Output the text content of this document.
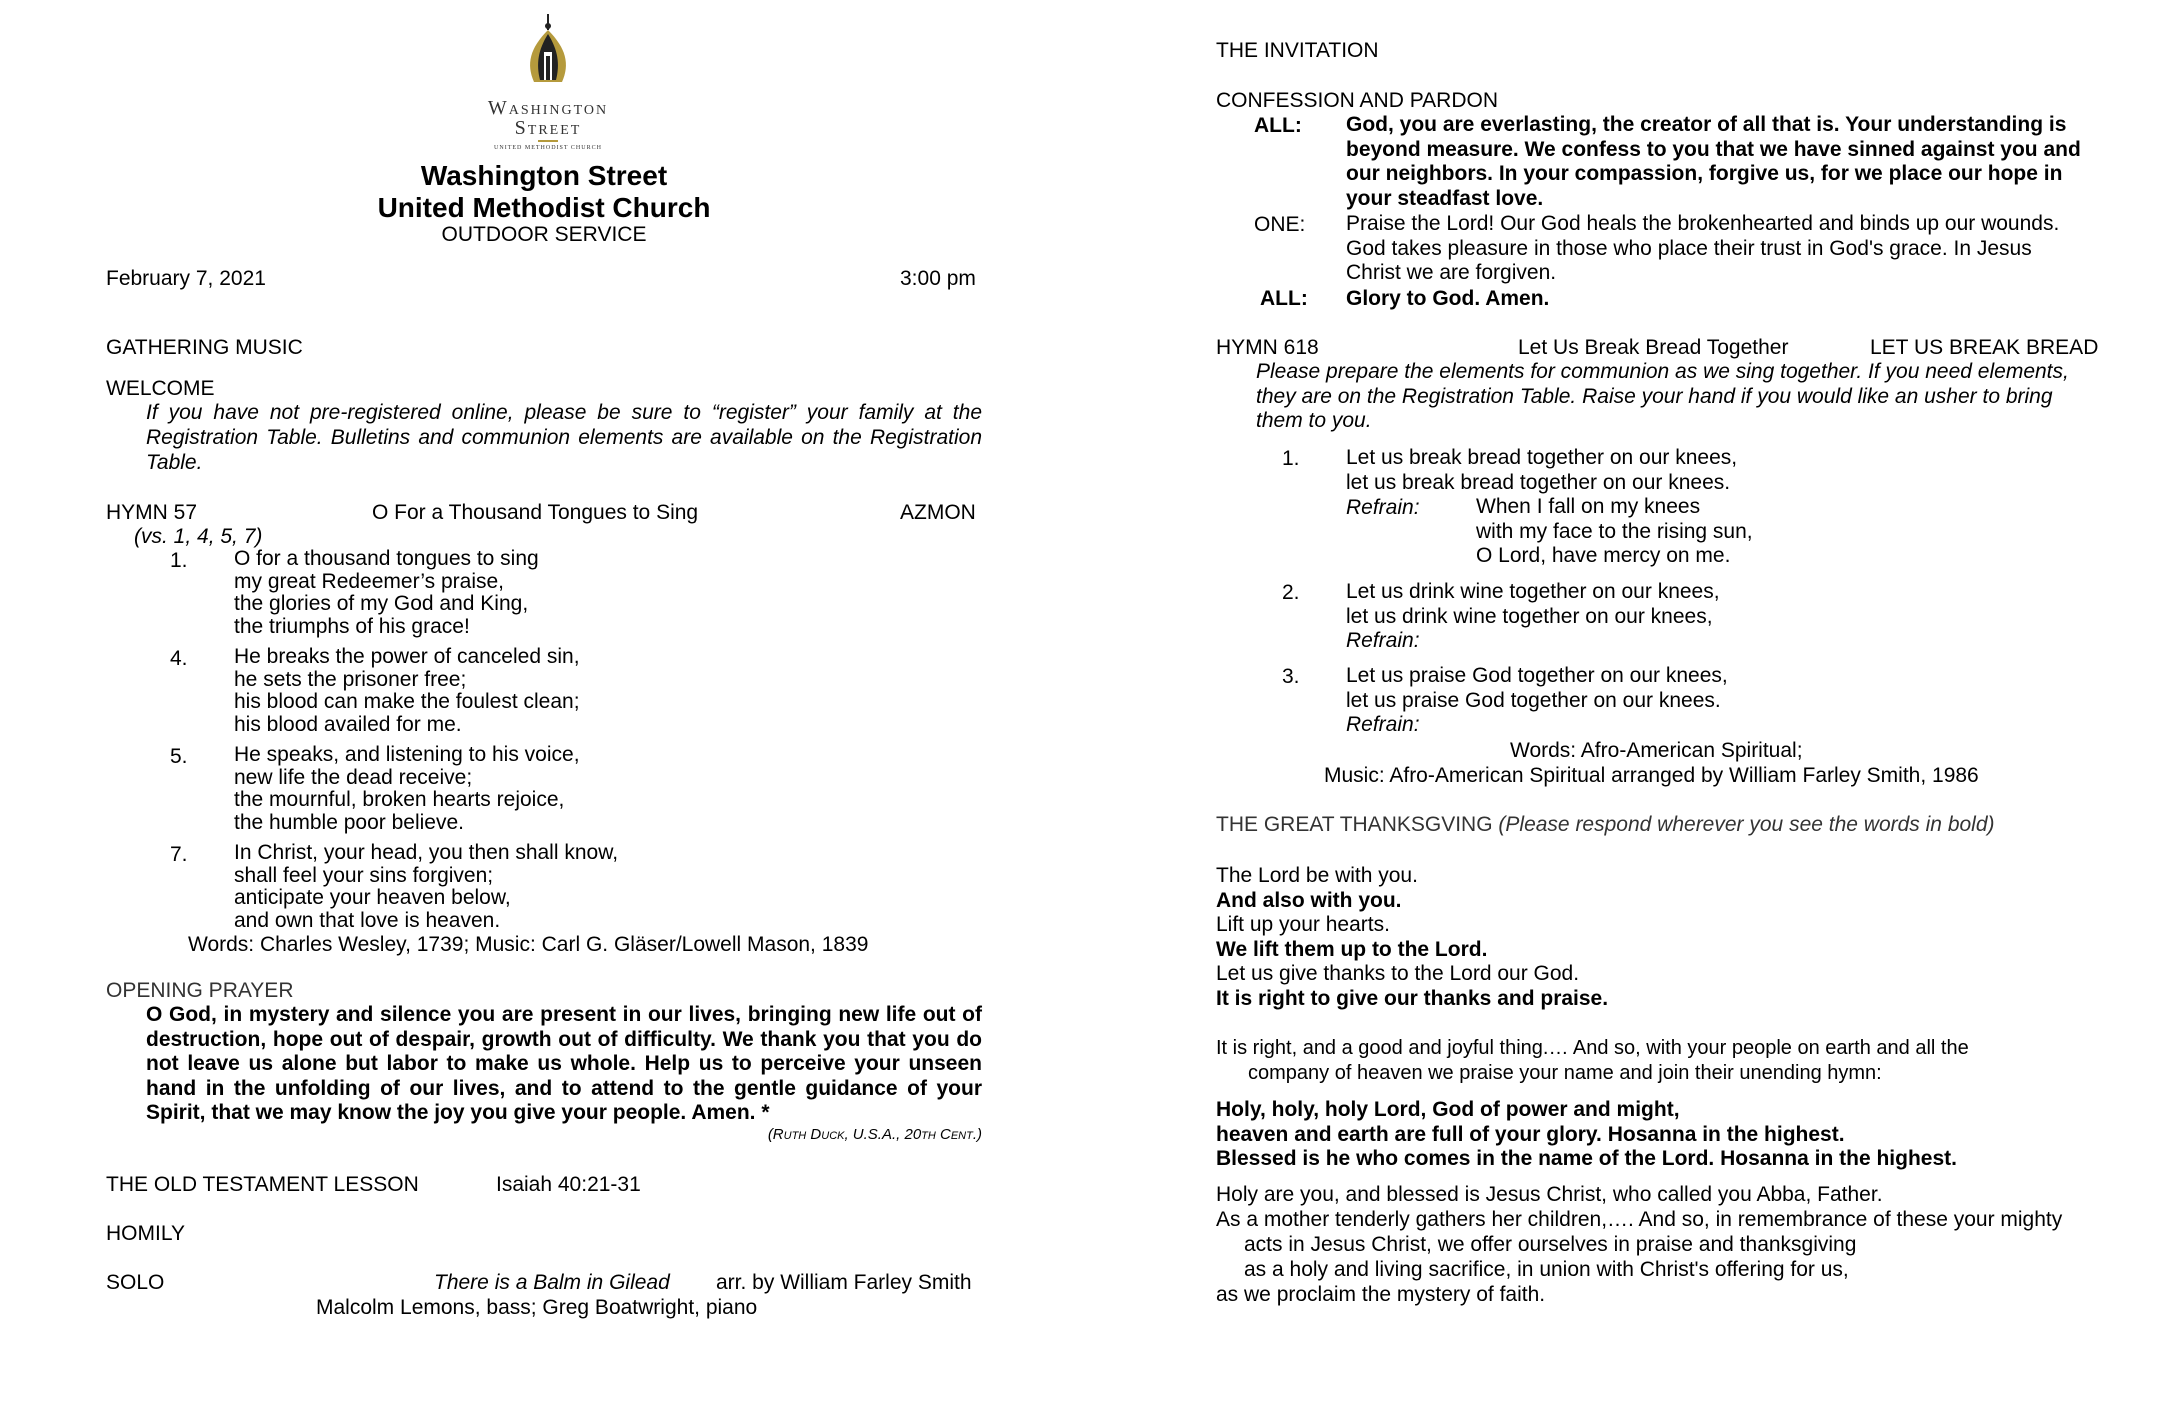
Washington
Street
UNITED METHODIST CHURCH
Washington Street
United Methodist Church
OUTDOOR SERVICE
February 7, 2021	3:00 pm
GATHERING MUSIC
WELCOME
If you have not pre-registered online, please be sure to “register” your family at the Registration Table. Bulletins and communion elements are available on the Registration Table.
HYMN 57	O For a Thousand Tongues to Sing	AZMON
(vs. 1, 4, 5, 7)
1. O for a thousand tongues to sing
my great Redeemer’s praise,
the glories of my God and King,
the triumphs of his grace!
4. He breaks the power of canceled sin,
he sets the prisoner free;
his blood can make the foulest clean;
his blood availed for me.
5. He speaks, and listening to his voice,
new life the dead receive;
the mournful, broken hearts rejoice,
the humble poor believe.
7. In Christ, your head, you then shall know,
shall feel your sins forgiven;
anticipate your heaven below,
and own that love is heaven.
Words: Charles Wesley, 1739; Music: Carl G. Gläser/Lowell Mason, 1839
OPENING PRAYER
O God, in mystery and silence you are present in our lives, bringing new life out of destruction, hope out of despair, growth out of difficulty. We thank you that you do not leave us alone but labor to make us whole. Help us to perceive your unseen hand in the unfolding of our lives, and to attend to the gentle guidance of your Spirit, that we may know the joy you give your people. Amen. *
(Ruth Duck, U.S.A., 20th Cent.)
THE OLD TESTAMENT LESSON	Isaiah 40:21-31
HOMILY
SOLO	There is a Balm in Gilead arr. by William Farley Smith
Malcolm Lemons, bass; Greg Boatwright, piano
THE INVITATION
CONFESSION AND PARDON
ALL: God, you are everlasting, the creator of all that is. Your understanding is
beyond measure. We confess to you that we have sinned against you and
our neighbors. In your compassion, forgive us, for we place our hope in
your steadfast love.
ONE: Praise the Lord! Our God heals the brokenhearted and binds up our wounds.
God takes pleasure in those who place their trust in God's grace. In Jesus
Christ we are forgiven.
ALL: Glory to God. Amen.
HYMN 618	Let Us Break Bread Together	LET US BREAK BREAD
Please prepare the elements for communion as we sing together. If you need elements,
they are on the Registration Table. Raise your hand if you would like an usher to bring
them to you.
1. Let us break bread together on our knees,
let us break bread together on our knees.
Refrain:	When I fall on my knees
with my face to the rising sun,
O Lord, have mercy on me.
2. Let us drink wine together on our knees,
let us drink wine together on our knees,
Refrain:
3. Let us praise God together on our knees,
let us praise God together on our knees.
Refrain:
Words: Afro-American Spiritual;
Music: Afro-American Spiritual arranged by William Farley Smith, 1986
THE GREAT THANKSGVING (Please respond wherever you see the words in bold)
The Lord be with you.
And also with you.
Lift up your hearts.
We lift them up to the Lord.
Let us give thanks to the Lord our God.
It is right to give our thanks and praise.
It is right, and a good and joyful thing.… And so, with your people on earth and all the
company of heaven we praise your name and join their unending hymn:
Holy, holy, holy Lord, God of power and might,
heaven and earth are full of your glory. Hosanna in the highest.
Blessed is he who comes in the name of the Lord. Hosanna in the highest.
Holy are you, and blessed is Jesus Christ, who called you Abba, Father.
As a mother tenderly gathers her children,…. And so, in remembrance of these your mighty
acts in Jesus Christ, we offer ourselves in praise and thanksgiving
as a holy and living sacrifice, in union with Christ's offering for us,
as we proclaim the mystery of faith.
